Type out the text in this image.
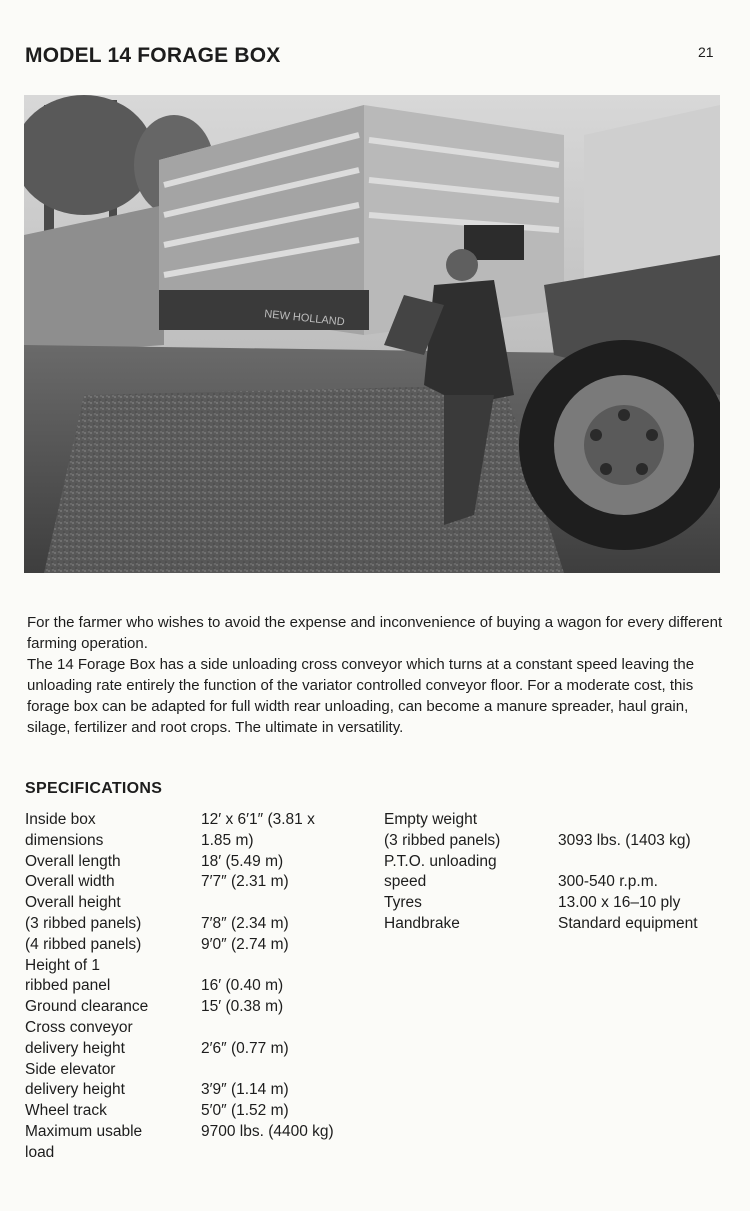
MODEL 14 FORAGE BOX	21
NEW HOLLAND

For the farmer who wishes to avoid the expense and inconvenience of buying a wagon for every different farming operation.

The 14 Forage Box has a side unloading cross conveyor which turns at a constant speed leaving the unloading rate entirely the function of the variator controlled conveyor floor. For a moderate cost, this forage box can be adapted for full width rear unloading, can become a manure spreader, haul grain, silage, fertilizer and root crops. The ultimate in versatility.

SPECIFICATIONS
Inside box	12′ x 6′1″ (3.81 x
dimensions	1.85 m)
Overall length	18′ (5.49 m)
Overall width	7′7″ (2.31 m)
Overall height
(3 ribbed panels)	7′8″ (2.34 m)
(4 ribbed panels)	9′0″ (2.74 m)
Height of 1
ribbed panel	16′ (0.40 m)
Ground clearance	15′ (0.38 m)
Cross conveyor
delivery height	2′6″ (0.77 m)
Side elevator
delivery height	3′9″ (1.14 m)
Wheel track	5′0″ (1.52 m)
Maximum usable	9700 lbs. (4400 kg)
load
Empty weight
(3 ribbed panels)	3093 lbs. (1403 kg)
P.T.O. unloading
speed	300-540 r.p.m.
Tyres	13.00 x 16–10 ply
Handbrake	Standard equipment
